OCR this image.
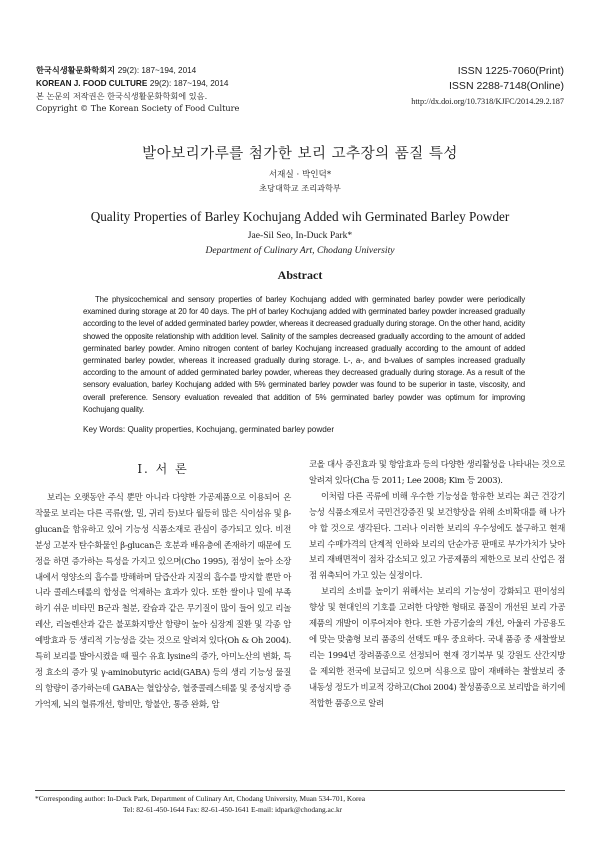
한국식생활문화학회지 29(2): 187~194, 2014
KOREAN J. FOOD CULTURE 29(2): 187~194, 2014
본 논문의 저작권은 한국식생활문화학회에 있음.
Copyright © The Korean Society of Food Culture
ISSN 1225-7060(Print)
ISSN 2288-7148(Online)
http://dx.doi.org/10.7318/KJFC/2014.29.2.187
발아보리가루를 첨가한 보리 고추장의 품질 특성
서재실 · 박인덕*
초당대학교 조리과학부
Quality Properties of Barley Kochujang Added wih Germinated Barley Powder
Jae-Sil Seo, In-Duck Park*
Department of Culinary Art, Chodang University
Abstract
The physicochemical and sensory properties of barley Kochujang added with germinated barley powder were periodically examined during storage at 20 for 40 days. The pH of barley Kochujang added with germinated barley powder increased gradually according to the level of added germinated barley powder, whereas it decreased gradually during storage. On the other hand, acidity showed the opposite relationship with addition level. Salinity of the samples decreased gradually according to the amount of added germinated barley powder. Amino nitrogen content of barley Kochujang increased gradually according to the amount of added germinated barley powder, whereas it increased gradually during storage. L-, a-, and b-values of samples increased gradually according to the amount of added germinated barley powder, whereas they decreased gradually during storage. As a result of the sensory evaluation, barley Kochujang added with 5% germinated barley powder was found to be superior in taste, viscosity, and overall preference. Sensory evaluation revealed that addition of 5% germinated barley powder was optimum for improving Kochujang quality.
Key Words: Quality properties, Kochujang, germinated barley powder
I. 서 론

보리는 오랫동안 주식 뿐만 아니라 다양한 가공제품으로 이용되어 온 작물로 보리는 다른 곡류(쌀, 밀, 귀리 등)보다 월등히 많은 식이섬유 및 β-glucan을 함유하고 있어 기능성 식품소재로 관심이 증가되고 있다. 비전분성 고분자 탄수화물인 β-glucan은 호분과 배유층에 존재하기 때문에 도정을 하면 증가하는 특성을 가지고 있으며(Cho 1995), 점성이 높아 소장 내에서 영양소의 흡수를 방해하며 담즙산과 지질의 흡수를 방지할 뿐만 아니라 콜레스테롤의 합성을 억제하는 효과가 있다. 또한 쌀이나 밀에 부족하기 쉬운 비타민 B군과 철분, 칼슘과 같은 무기질이 많이 들어 있고 리놀레산, 리놀렌산과 같은 불포화지방산 함량이 높아 심장계 질환 및 각종 암 예방효과 등 생리적 기능성을 갖는 것으로 알려져 있다(Oh & Oh 2004). 특히 보리를 발아시켰을 때 필수 유효 lysine의 증가, 아미노산의 변화, 특정 효소의 증가 및 γ-aminobutyric acid(GABA) 등의 생리 기능성 물질의 함량이 증가하는데 GABA는 혈압상승, 혈중콜레스테롤 및 중성지방 증가억제, 뇌의 혈류개선, 항비만, 항불안, 통증 완화, 암

코올 대사 증진효과 및 항암효과 등의 다양한 생리활성을 나타내는 것으로 알려져 있다(Cha 등 2011; Lee 2008; Kim 등 2003).

이처럼 다른 곡류에 비해 우수한 기능성을 함유한 보리는 최근 건강기능성 식품소재로서 국민건강증진 및 보건향상을 위해 소비확대를 해 나가야 할 것으로 생각된다. 그러나 이러한 보리의 우수성에도 불구하고 현재 보리 수매가격의 단계적 인하와 보리의 단순가공 판매로 부가가치가 낮아 보리 재배면적이 점차 감소되고 있고 가공제품의 제한으로 보리 산업은 점점 위축되어 가고 있는 실정이다.

보리의 소비를 높이기 위해서는 보리의 기능성이 강화되고 편이성의 향상 및 현대인의 기호를 고려한 다양한 형태로 품질이 개선된 보리 가공제품의 개발이 이루어져야 한다. 또한 가공기술의 개선, 아울러 가공용도에 맞는 맞춤형 보리 품종의 선택도 매우 중요하다. 국내 품종 중 새찰쌀보리는 1994년 장려품종으로 선정되어 현재 경기북부 및 강원도 산간지방을 제외한 전국에 보급되고 있으며 식용으로 많이 재배하는 찰쌀보리 중 내동성 정도가 비교적 강하고(Choi 2004) 찰성품종으로 보리밥을 하기에 적합한 품종으로 알려

*Corresponding author: In-Duck Park, Department of Culinary Art, Chodang University, Muan 534-701, Korea
Tel: 82-61-450-1644 Fax: 82-61-450-1641 E-mail: idpark@chodang.ac.kr
